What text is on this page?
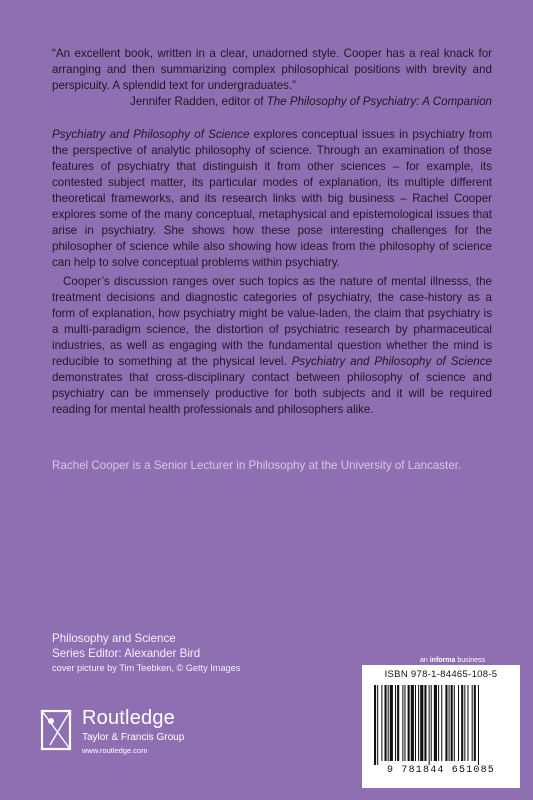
“An excellent book, written in a clear, unadorned style. Cooper has a real knack for arranging and then summarizing complex philosophical positions with brevity and perspicuity. A splendid text for undergraduates.”

Jennifer Radden, editor of The Philosophy of Psychiatry: A Companion

Psychiatry and Philosophy of Science explores conceptual issues in psychiatry from the perspective of analytic philosophy of science. Through an examination of those features of psychiatry that distinguish it from other sciences – for example, its contested subject matter, its particular modes of explanation, its multiple different theoretical frameworks, and its research links with big business – Rachel Cooper explores some of the many conceptual, metaphysical and epistemological issues that arise in psychiatry. She shows how these pose interesting challenges for the philosopher of science while also showing how ideas from the philosophy of science can help to solve conceptual problems within psychiatry.

Cooper’s discussion ranges over such topics as the nature of mental illnesss, the treatment decisions and diagnostic categories of psychiatry, the case-history as a form of explanation, how psychiatry might be value-laden, the claim that psychiatry is a multi-paradigm science, the distortion of psychiatric research by pharmaceutical industries, as well as engaging with the fundamental question whether the mind is reducible to something at the physical level. Psychiatry and Philosophy of Science demonstrates that cross-disciplinary contact between philosophy of science and psychiatry can be immensely productive for both subjects and it will be required reading for mental health professionals and philosophers alike.

Rachel Cooper is a Senior Lecturer in Philosophy at the University of Lancaster.
Philosophy and Science
Series Editor: Alexander Bird
cover picture by Tim Teebken, © Getty Images
Routledge
Taylor & Francis Group
www.routledge.com
an informa business
ISBN 978-1-84465-108-5
9 781844 651085
